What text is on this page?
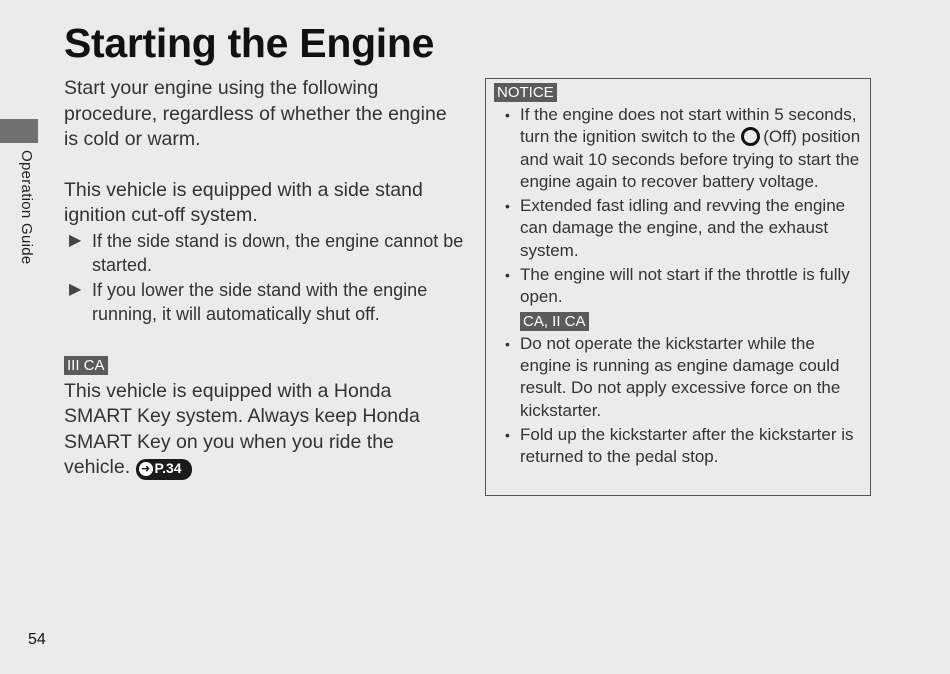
Operation Guide
Starting the Engine

Start your engine using the following procedure, regardless of whether the engine is cold or warm.

This vehicle is equipped with a side stand ignition cut-off system.

▶ If the side stand is down, the engine cannot be started.
▶ If you lower the side stand with the engine running, it will automatically shut off.
III CA

This vehicle is equipped with a Honda SMART Key system. Always keep Honda SMART Key on you when you ride the vehicle. ➜ P.34

NOTICE
• If the engine does not start within 5 seconds, turn the ignition switch to the (Off) position and wait 10 seconds before trying to start the engine again to recover battery voltage.
• Extended fast idling and revving the engine can damage the engine, and the exhaust system.
• The engine will not start if the throttle is fully open.
CA, II CA
• Do not operate the kickstarter while the engine is running as engine damage could result. Do not apply excessive force on the kickstarter.
• Fold up the kickstarter after the kickstarter is returned to the pedal stop.
54
